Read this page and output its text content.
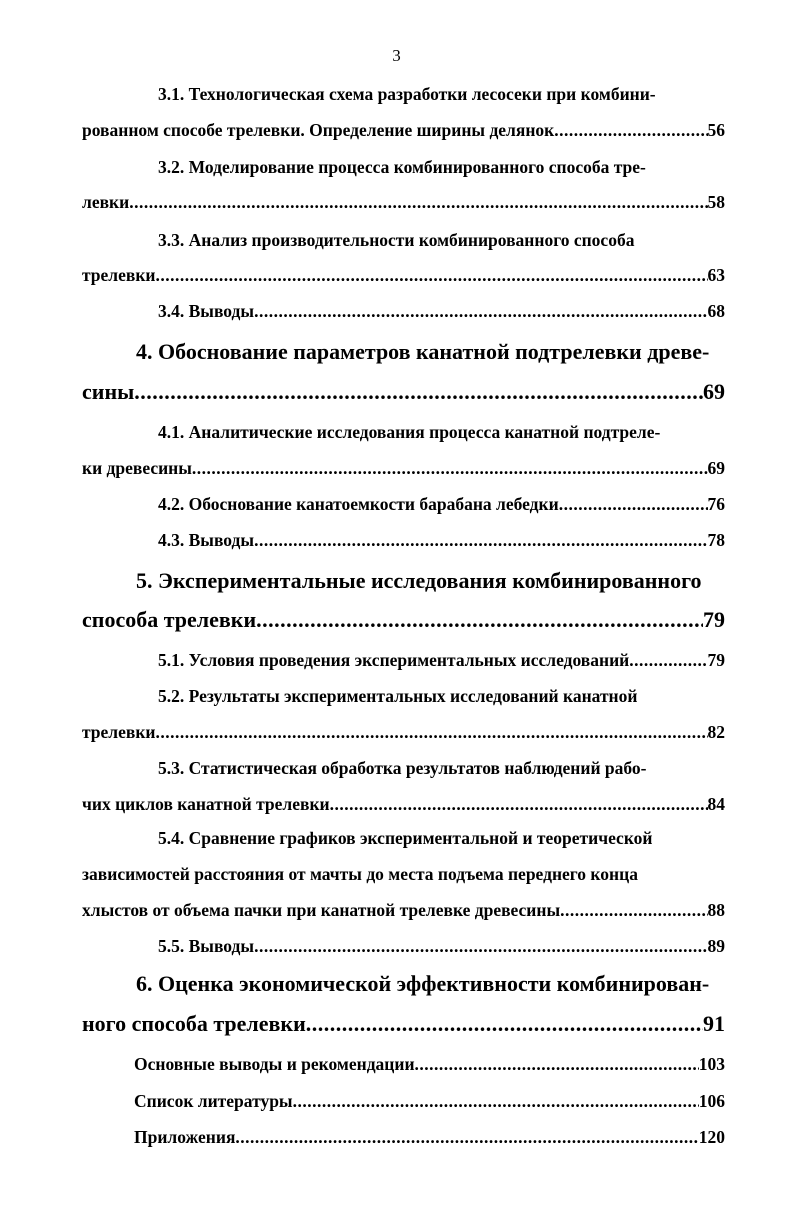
3
3.1. Технологическая схема разработки лесосеки при комбини-
рованном способе трелевки. Определение ширины делянок .....	56
3.2. Моделирование процесса комбинированного способа тре-
левки .....	58
3.3. Анализ производительности комбинированного способа
трелевки .....	63
3.4. Выводы .....	68
4. Обоснование параметров канатной подтрелевки древе-
сины .....	69
4.1. Аналитические исследования процесса канатной подтреле-
ки древесины .....	69
4.2. Обоснование канатоемкости барабана лебедки .....	76
4.3. Выводы .....	78
5. Экспериментальные исследования комбинированного
способа трелевки .....	79
5.1. Условия проведения экспериментальных исследований .....	79
5.2. Результаты экспериментальных исследований канатной
трелевки .....	82
5.3. Статистическая обработка результатов наблюдений рабо-
чих циклов канатной трелевки .....	84
5.4. Сравнение графиков экспериментальной и теоретической
зависимостей расстояния от мачты до места подъема переднего конца
хлыстов от объема пачки при канатной трелевке древесины .....	88
5.5. Выводы .....	89
6. Оценка экономической эффективности комбинирован-
ного способа трелевки .....	91
Основные выводы и рекомендации .....	103
Список литературы .....	106
Приложения .....	120
